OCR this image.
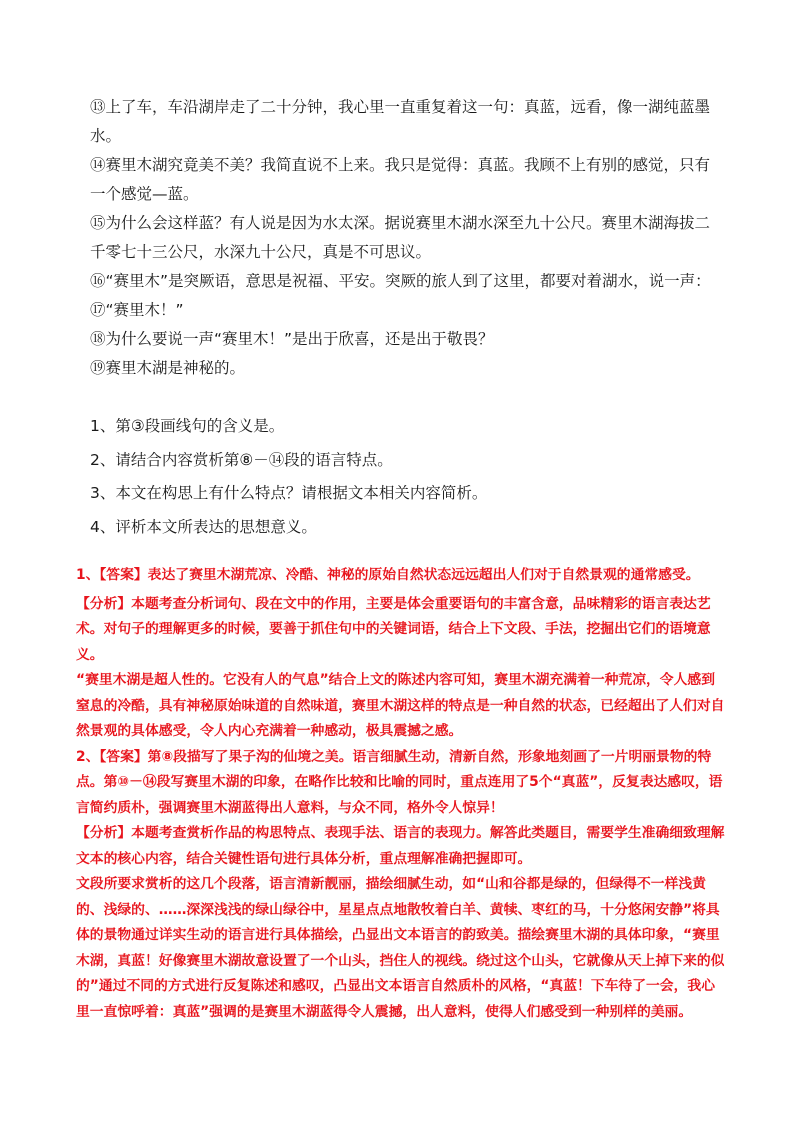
⑬上了车，车沿湖岸走了二十分钟，我心里一直重复着这一句：真蓝，远看，像一湖纯蓝墨水。

⑭赛里木湖究竟美不美？我简直说不上来。我只是觉得：真蓝。我顾不上有别的感觉，只有一个感觉—蓝。

⑮为什么会这样蓝？有人说是因为水太深。据说赛里木湖水深至九十公尺。赛里木湖海拔二千零七十三公尺，水深九十公尺，真是不可思议。

⑯“赛里木”是突厥语，意思是祝福、平安。突厥的旅人到了这里，都要对着湖水，说一声：

⑰“赛里木！”

⑱为什么要说一声“赛里木！”是出于欣喜，还是出于敬畏？

⑲赛里木湖是神秘的。

1、第③段画线句的含义是。

2、请结合内容赏析第⑧－⑭段的语言特点。

3、本文在构思上有什么特点？请根据文本相关内容简析。

4、评析本文所表达的思想意义。

1、【答案】表达了赛里木湖荒凉、冷酷、神秘的原始自然状态远远超出人们对于自然景观的通常感受。

【分析】本题考查分析词句、段在文中的作用，主要是体会重要语句的丰富含意，品味精彩的语言表达艺术。对句子的理解更多的时候，要善于抓住句中的关键词语，结合上下文段、手法，挖掘出它们的语境意义。

“赛里木湖是超人性的。它没有人的气息”结合上文的陈述内容可知，赛里木湖充满着一种荒凉，令人感到窒息的冷酷，具有神秘原始味道的自然味道，赛里木湖这样的特点是一种自然的状态，已经超出了人们对自然景观的具体感受，令人内心充满着一种感动，极具震撼之感。

2、【答案】第⑧段描写了果子沟的仙境之美。语言细腻生动，清新自然，形象地刻画了一片明丽景物的特点。第⑩－⑭段写赛里木湖的印象，在略作比较和比喻的同时，重点连用了5个“真蓝”，反复表达感叹，语言简约质朴，强调赛里木湖蓝得出人意料，与众不同，格外令人惊异！

【分析】本题考查赏析作品的构思特点、表现手法、语言的表现力。解答此类题目，需要学生准确细致理解文本的核心内容，结合关键性语句进行具体分析，重点理解准确把握即可。

文段所要求赏析的这几个段落，语言清新靓丽，描绘细腻生动，如“山和谷都是绿的，但绿得不一样浅黄的、浅绿的、……深深浅浅的绿山绿谷中，星星点点地散牧着白羊、黄犊、枣红的马，十分悠闲安静”将具体的景物通过详实生动的语言进行具体描绘，凸显出文本语言的韵致美。描绘赛里木湖的具体印象，“赛里木湖，真蓝！好像赛里木湖故意设置了一个山头，挡住人的视线。绕过这个山头，它就像从天上掉下来的似的”通过不同的方式进行反复陈述和感叹，凸显出文本语言自然质朴的风格，“真蓝！下车待了一会，我心里一直惊呼着：真蓝”强调的是赛里木湖蓝得令人震撼，出人意料，使得人们感受到一种别样的美丽。
